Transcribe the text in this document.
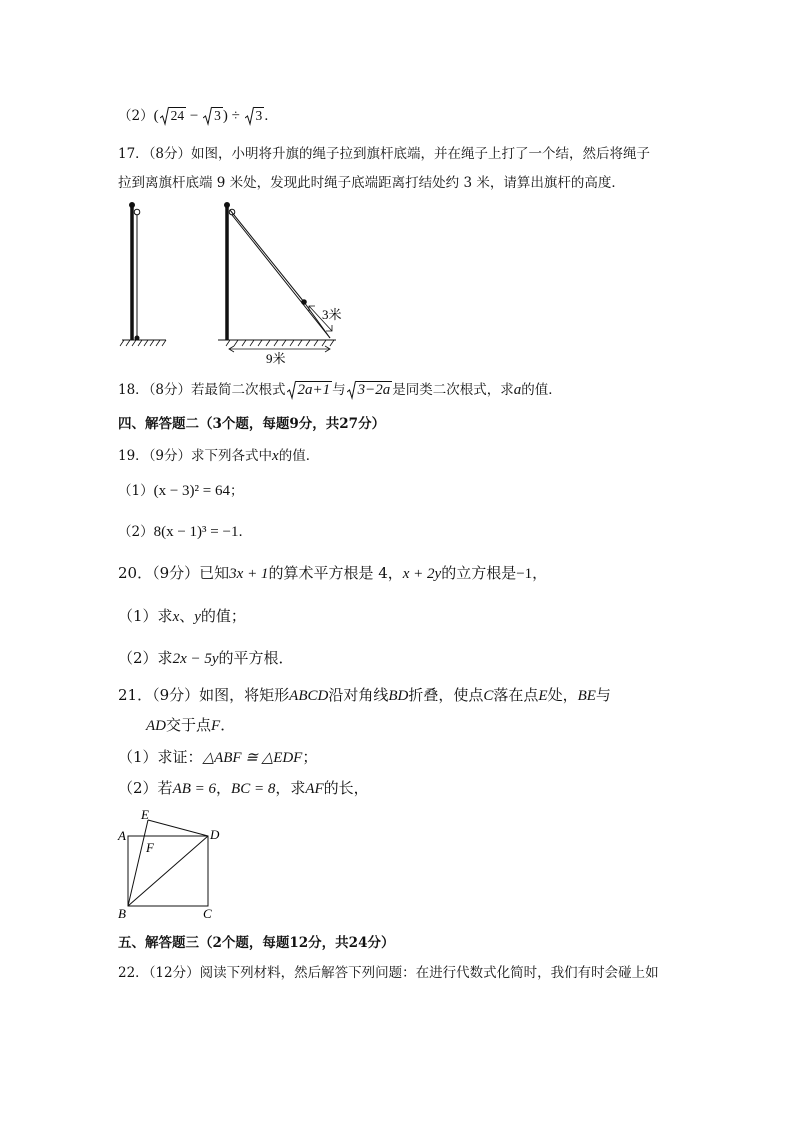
（2）( 24 −
3 ) ÷
3 ．
17．（8分）如图，小明将升旗的绳子拉到旗杆底端，并在绳子上打了一个结，然后将绳子
拉到离旗杆底端 9 米处，发现此时绳子底端距离打结处约 3 米，请算出旗杆的高度．
3米
9米
18．（8分）若最简二次根式 2a+1 与 3−2a 是同类二次根式，求a的值．
四、解答题二（3个题，每题9分，共27分）
19．（9分）求下列各式中x的值．
（1）(x − 3)² = 64；
（2）8(x − 1)³ = −1．
20．（9分）已知3x + 1的算术平方根是 4，x + 2y的立方根是−1，
（1）求x、y的值；
（2）求2x − 5y的平方根．
21．（9分）如图，将矩形ABCD沿对角线BD折叠，使点C落在点E处，BE与
AD交于点F．
（1）求证：△ABF ≅ △EDF；
（2）若AB = 6，BC = 8，求AF的长，
E
A	D
F
B	C
五、解答题三（2个题，每题12分，共24分）
22．（12分）阅读下列材料，然后解答下列问题：在进行代数式化简时，我们有时会碰上如
